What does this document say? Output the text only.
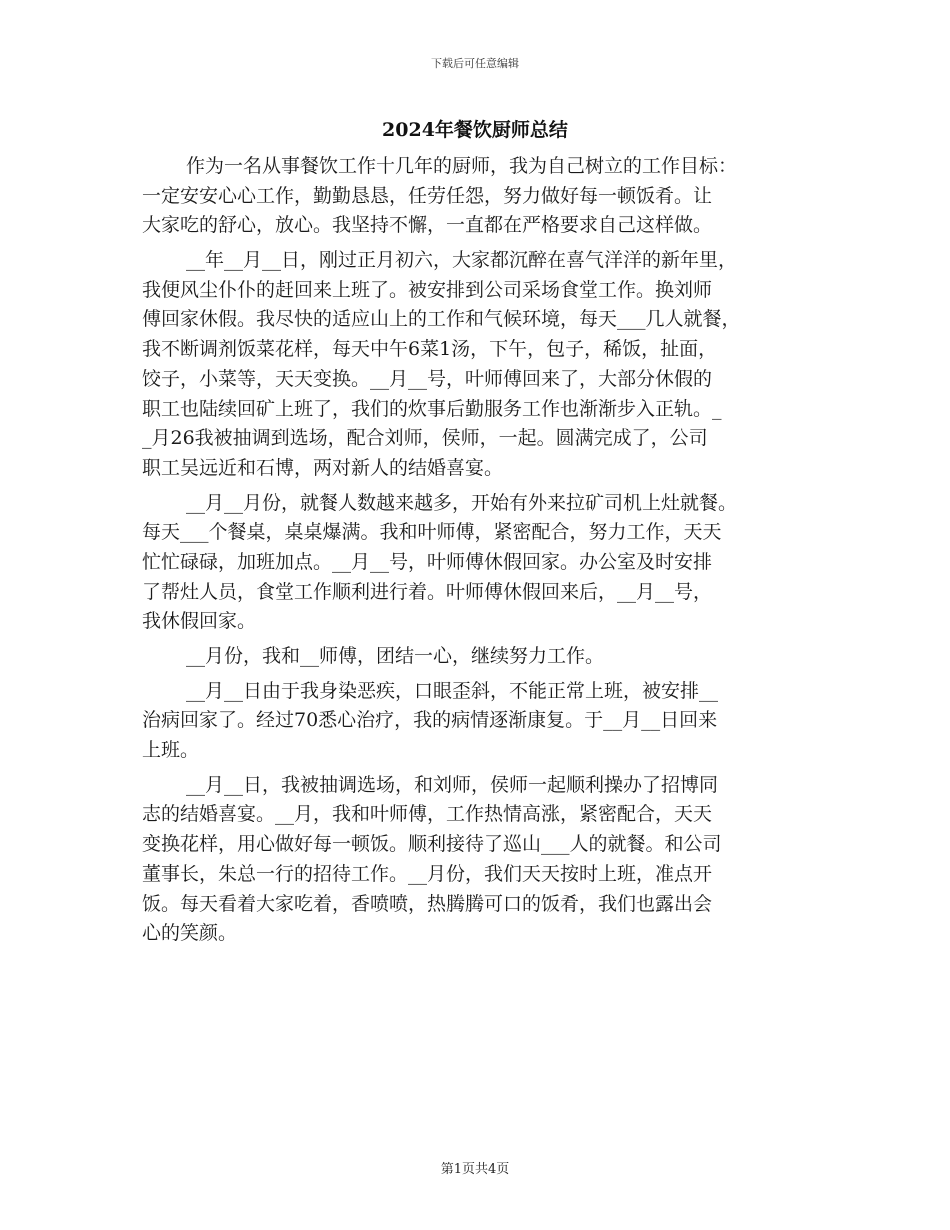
下载后可任意编辑
2024年餐饮厨师总结
作为一名从事餐饮工作十几年的厨师，我为自己树立的工作目标：
一定安安心心工作，勤勤恳恳，任劳任怨，努力做好每一顿饭肴。让
大家吃的舒心，放心。我坚持不懈，一直都在严格要求自己这样做。
__年__月__日，刚过正月初六，大家都沉醉在喜气洋洋的新年里，
我便风尘仆仆的赶回来上班了。被安排到公司采场食堂工作。换刘师
傅回家休假。我尽快的适应山上的工作和气候环境，每天___几人就餐，
我不断调剂饭菜花样，每天中午6菜1汤，下午，包子，稀饭，扯面，
饺子，小菜等，天天变换。__月__号，叶师傅回来了，大部分休假的
职工也陆续回矿上班了，我们的炊事后勤服务工作也渐渐步入正轨。_
_月26我被抽调到选场，配合刘师，侯师，一起。圆满完成了，公司
职工吴远近和石博，两对新人的结婚喜宴。
__月__月份，就餐人数越来越多，开始有外来拉矿司机上灶就餐。
每天___个餐桌，桌桌爆满。我和叶师傅，紧密配合，努力工作，天天
忙忙碌碌，加班加点。__月__号，叶师傅休假回家。办公室及时安排
了帮灶人员，食堂工作顺利进行着。叶师傅休假回来后，__月__号，
我休假回家。
__月份，我和__师傅，团结一心，继续努力工作。
__月__日由于我身染恶疾，口眼歪斜，不能正常上班，被安排__
治病回家了。经过70悉心治疗，我的病情逐渐康复。于__月__日回来
上班。
__月__日，我被抽调选场，和刘师，侯师一起顺利操办了招博同
志的结婚喜宴。__月，我和叶师傅，工作热情高涨，紧密配合，天天
变换花样，用心做好每一顿饭。顺利接待了巡山___人的就餐。和公司
董事长，朱总一行的招待工作。__月份，我们天天按时上班，准点开
饭。每天看着大家吃着，香喷喷，热腾腾可口的饭肴，我们也露出会
心的笑颜。
第1页共4页
